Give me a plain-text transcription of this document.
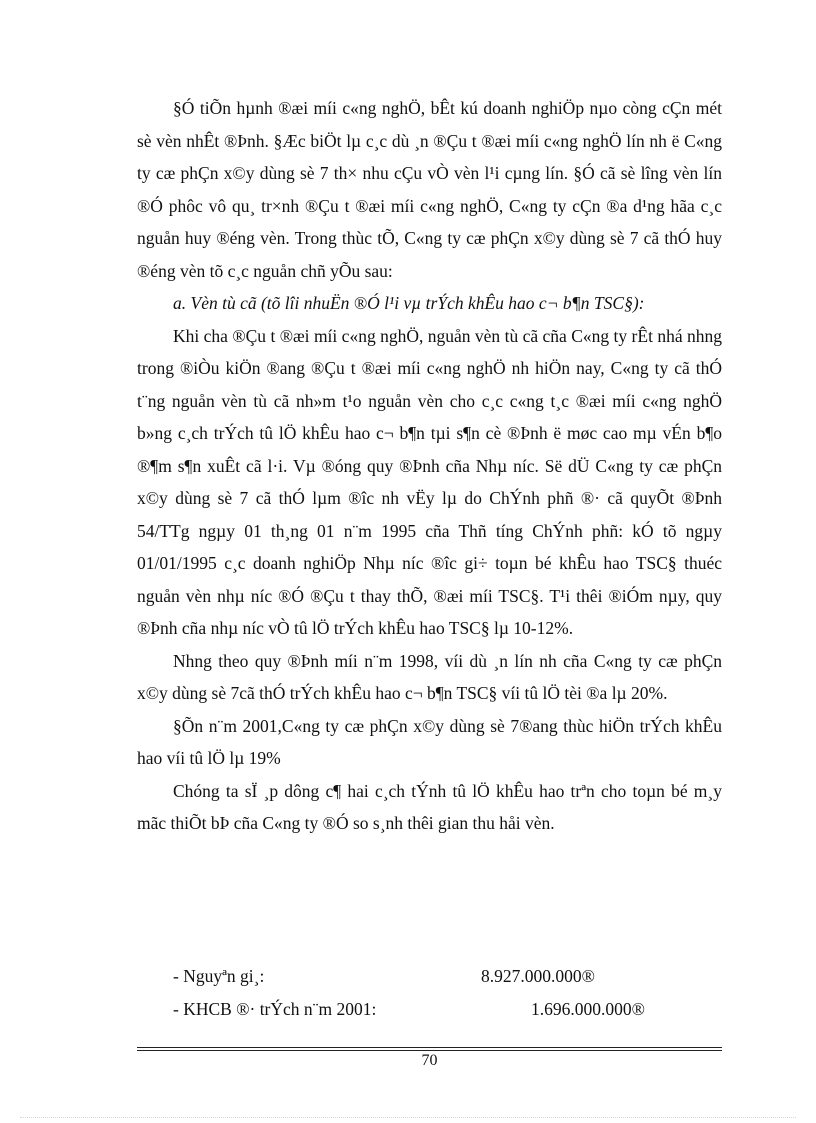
§Ó tiÕn hµnh ®æi míi c«ng nghÖ, bÊt kú doanh nghiÖp nµo còng cÇn mét sè vèn nhÊt ®Þnh. §Æc biÖt lµ c¸c dù ¸n ®Çu t ®æi míi c«ng nghÖ lín nh ë C«ng ty cæ phÇn x©y dùng sè 7 th× nhu cÇu vÒ vèn l¹i cµng lín. §Ó cã sè lîng vèn lín ®Ó phôc vô qu¸ tr×nh ®Çu t ®æi míi c«ng nghÖ, C«ng ty cÇn ®a d¹ng hãa c¸c nguån huy ®éng vèn. Trong thùc tÕ, C«ng ty cæ phÇn x©y dùng sè 7 cã thÓ huy ®éng vèn tõ c¸c nguån chñ yÕu sau:

a. Vèn tù cã (tõ lîi nhuËn ®Ó l¹i vµ trÝch khÊu hao c¬ b¶n TSC§):

Khi cha ®Çu t ®æi míi c«ng nghÖ, nguån vèn tù cã cña C«ng ty rÊt nhá nhng trong ®iÒu kiÖn ®ang ®Çu t ®æi míi c«ng nghÖ nh hiÖn nay, C«ng ty cã thÓ t¨ng nguån vèn tù cã nh»m t¹o nguån vèn cho c¸c c«ng t¸c ®æi míi c«ng nghÖ b»ng c¸ch trÝch tû lÖ khÊu hao c¬ b¶n tµi s¶n cè ®Þnh ë møc cao mµ vÉn b¶o ®¶m s¶n xuÊt cã l·i. Vµ ®óng quy ®Þnh cña Nhµ níc. Së dÜ C«ng ty cæ phÇn x©y dùng sè 7 cã thÓ lµm ®îc nh vËy lµ do ChÝnh phñ ®· cã quyÕt ®Þnh 54/TTg ngµy 01 th¸ng 01 n¨m 1995 cña Thñ tíng ChÝnh phñ: kÓ tõ ngµy 01/01/1995 c¸c doanh nghiÖp Nhµ níc ®îc gi÷ toµn bé khÊu hao TSC§ thuéc nguån vèn nhµ níc ®Ó ®Çu t thay thÕ, ®æi míi TSC§. T¹i thêi ®iÓm nµy, quy ®Þnh cña nhµ níc vÒ tû lÖ trÝch khÊu hao TSC§ lµ 10-12%.

Nhng theo quy ®Þnh míi n¨m 1998, víi dù ¸n lín nh cña C«ng ty cæ phÇn x©y dùng sè 7cã thÓ trÝch khÊu hao c¬ b¶n TSC§ víi tû lÖ tèi ®a lµ 20%.

§Õn n¨m 2001,C«ng ty cæ phÇn x©y dùng sè 7®ang thùc hiÖn trÝch khÊu hao víi tû lÖ lµ 19%

Chóng ta sÏ ¸p dông c¶ hai c¸ch tÝnh tû lÖ khÊu hao trªn cho toµn bé m¸y mãc thiÕt bÞ cña C«ng ty ®Ó so s¸nh thêi gian thu håi vèn.

- Nguyªn gi¸:	8.927.000.000®
- KHCB ®· trÝch n¨m 2001:	1.696.000.000®
70
